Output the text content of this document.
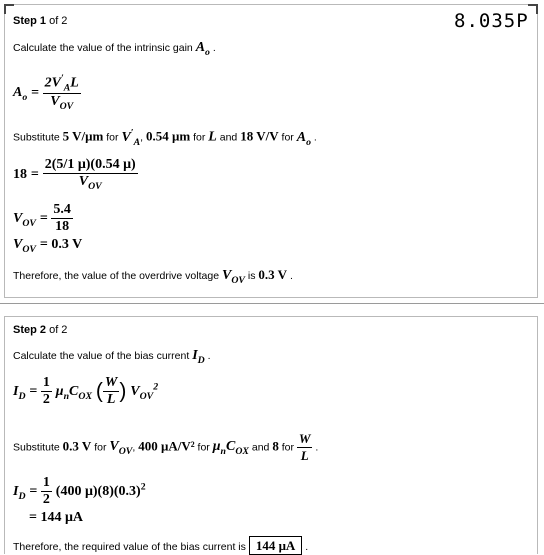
Step 1 of 2	8.035P
Calculate the value of the intrinsic gain $A_o$ .
$A_o = \frac{2V'_AL}{V_{OV}}$
Substitute 5 V/μm for $V'_A$, 0.54 μm for L and 18 V/V for $A_o$ .
$18 = \frac{2(5/1 \mu)(0.54 \mu)}{V_{OV}}$
$V_{OV} = \frac{5.4}{18}$
$V_{OV} = 0.3$ V
Therefore, the value of the overdrive voltage $V_{OV}$ is 0.3 V .
Step 2 of 2
Calculate the value of the bias current $I_D$ .
$I_D = \frac{1}{2} \mu_nC_{OX}$ ( $\frac{W}{L}$ ) $V_{OV}^2$
Substitute 0.3 V for $V_{OV}$, 400 μA/V² for $\mu_nC_{OX}$ and 8 for $\frac{W}{L}$ .
$I_D = \frac{1}{2} (400$ $\mu)(8)(0.3)^2$
= 144 μA
Therefore, the required value of the bias current is 144 μA .
